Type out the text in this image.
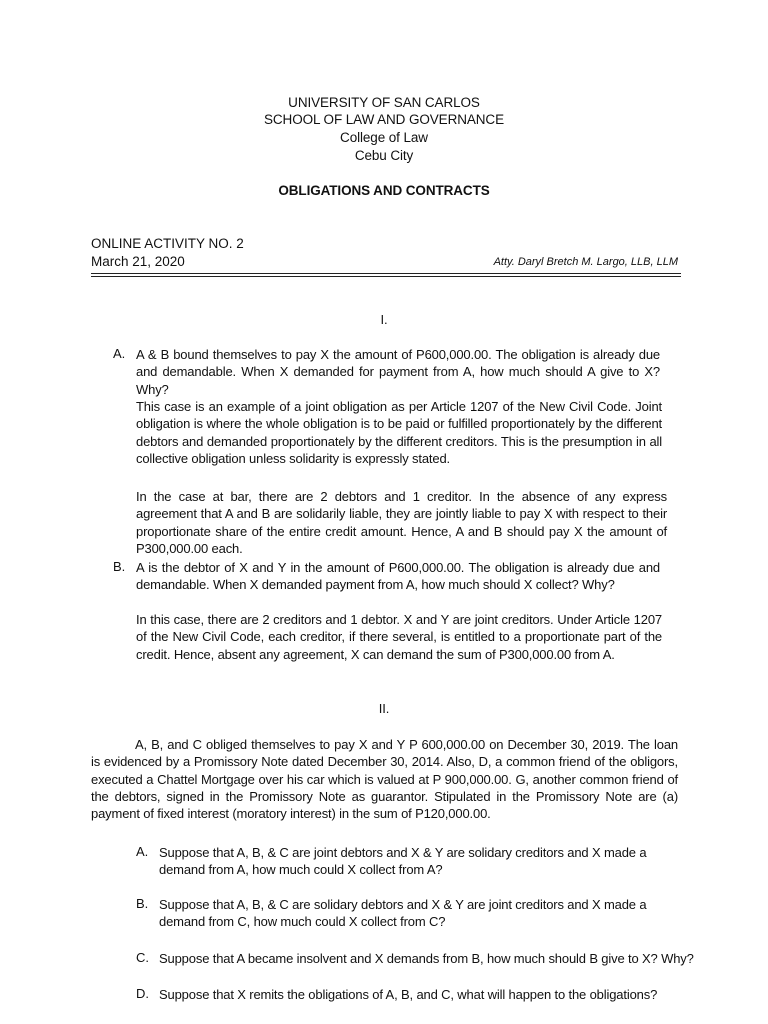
UNIVERSITY OF SAN CARLOS
SCHOOL OF LAW AND GOVERNANCE
College of Law
Cebu City
OBLIGATIONS AND CONTRACTS
ONLINE ACTIVITY NO. 2
March 21, 2020	Atty. Daryl Bretch M. Largo, LLB, LLM
I.
A. A & B bound themselves to pay X the amount of P600,000.00. The obligation is already due and demandable. When X demanded for payment from A, how much should A give to X? Why?
This case is an example of a joint obligation as per Article 1207 of the New Civil Code. Joint obligation is where the whole obligation is to be paid or fulfilled proportionately by the different debtors and demanded proportionately by the different creditors. This is the presumption in all collective obligation unless solidarity is expressly stated.
In the case at bar, there are 2 debtors and 1 creditor. In the absence of any express agreement that A and B are solidarily liable, they are jointly liable to pay X with respect to their proportionate share of the entire credit amount. Hence, A and B should pay X the amount of P300,000.00 each.
B. A is the debtor of X and Y in the amount of P600,000.00. The obligation is already due and demandable. When X demanded payment from A, how much should X collect? Why?
In this case, there are 2 creditors and 1 debtor. X and Y are joint creditors. Under Article 1207 of the New Civil Code, each creditor, if there several, is entitled to a proportionate part of the credit. Hence, absent any agreement, X can demand the sum of P300,000.00 from A.
II.
A, B, and C obliged themselves to pay X and Y P 600,000.00 on December 30, 2019. The loan is evidenced by a Promissory Note dated December 30, 2014. Also, D, a common friend of the obligors, executed a Chattel Mortgage over his car which is valued at P 900,000.00. G, another common friend of the debtors, signed in the Promissory Note as guarantor. Stipulated in the Promissory Note are (a) payment of fixed interest (moratory interest) in the sum of P120,000.00.
A. Suppose that A, B, & C are joint debtors and X & Y are solidary creditors and X made a demand from A, how much could X collect from A?
B. Suppose that A, B, & C are solidary debtors and X & Y are joint creditors and X made a demand from C, how much could X collect from C?
C. Suppose that A became insolvent and X demands from B, how much should B give to X? Why?
D. Suppose that X remits the obligations of A, B, and C, what will happen to the obligations?
